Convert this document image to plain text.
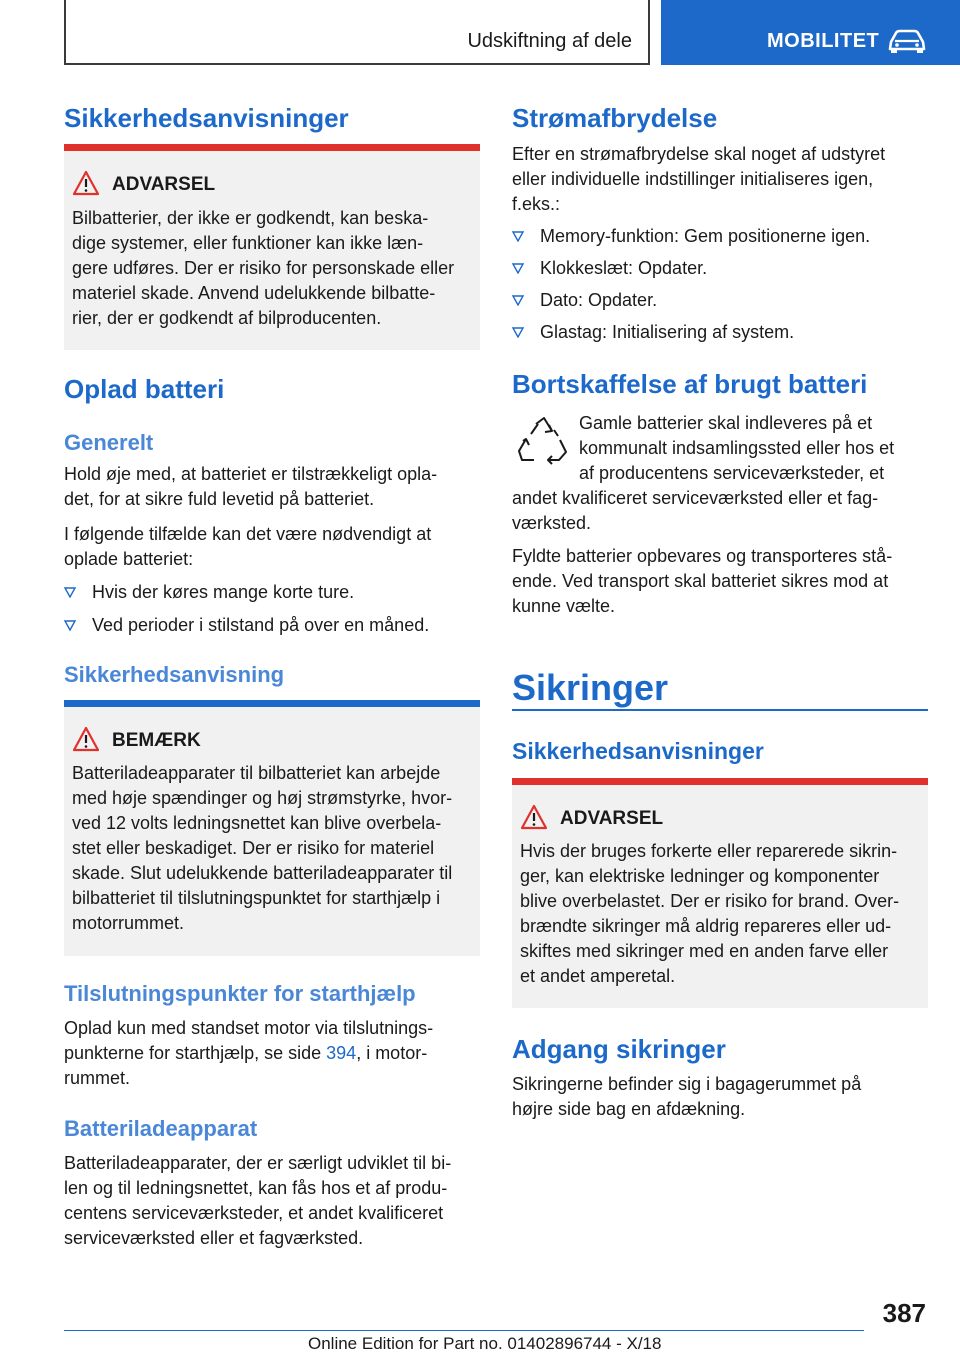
Udskiftning af dele	MOBILITET
Sikkerhedsanvisninger
ADVARSEL
Bilbatterier, der ikke er godkendt, kan beska-
dige systemer, eller funktioner kan ikke læn-
gere udføres. Der er risiko for personskade eller
materiel skade. Anvend udelukkende bilbatte-
rier, der er godkendt af bilproducenten.
Oplad batteri
Generelt
Hold øje med, at batteriet er tilstrækkeligt opla-
det, for at sikre fuld levetid på batteriet.
I følgende tilfælde kan det være nødvendigt at
oplade batteriet:
Hvis der køres mange korte ture.
Ved perioder i stilstand på over en måned.
Sikkerhedsanvisning
BEMÆRK
Batteriladeapparater til bilbatteriet kan arbejde
med høje spændinger og høj strømstyrke, hvor-
ved 12 volts ledningsnettet kan blive overbela-
stet eller beskadiget. Der er risiko for materiel
skade. Slut udelukkende batteriladeapparater til
bilbatteriet til tilslutningspunktet for starthjælp i
motorrummet.
Tilslutningspunkter for starthjælp
Oplad kun med standset motor via tilslutnings-
punkterne for starthjælp, se side 394, i motor-
rummet.
Batteriladeapparat
Batteriladeapparater, der er særligt udviklet til bi-
len og til ledningsnettet, kan fås hos et af produ-
centens serviceværksteder, et andet kvalificeret
serviceværksted eller et fagværksted.
Strømafbrydelse
Efter en strømafbrydelse skal noget af udstyret
eller individuelle indstillinger initialiseres igen,
f.eks.:
Memory-funktion: Gem positionerne igen.
Klokkeslæt: Opdater.
Dato: Opdater.
Glastag: Initialisering af system.
Bortskaffelse af brugt batteri
Gamle batterier skal indleveres på et
kommunalt indsamlingssted eller hos et
af producentens serviceværksteder, et
andet kvalificeret serviceværksted eller et fag-
værksted.
Fyldte batterier opbevares og transporteres stå-
ende. Ved transport skal batteriet sikres mod at
kunne vælte.
Sikringer
Sikkerhedsanvisninger
ADVARSEL
Hvis der bruges forkerte eller reparerede sikrin-
ger, kan elektriske ledninger og komponenter
blive overbelastet. Der er risiko for brand. Over-
brændte sikringer må aldrig repareres eller ud-
skiftes med sikringer med en anden farve eller
et andet amperetal.
Adgang sikringer
Sikringerne befinder sig i bagagerummet på
højre side bag en afdækning.
387
Online Edition for Part no. 01402896744 - X/18
